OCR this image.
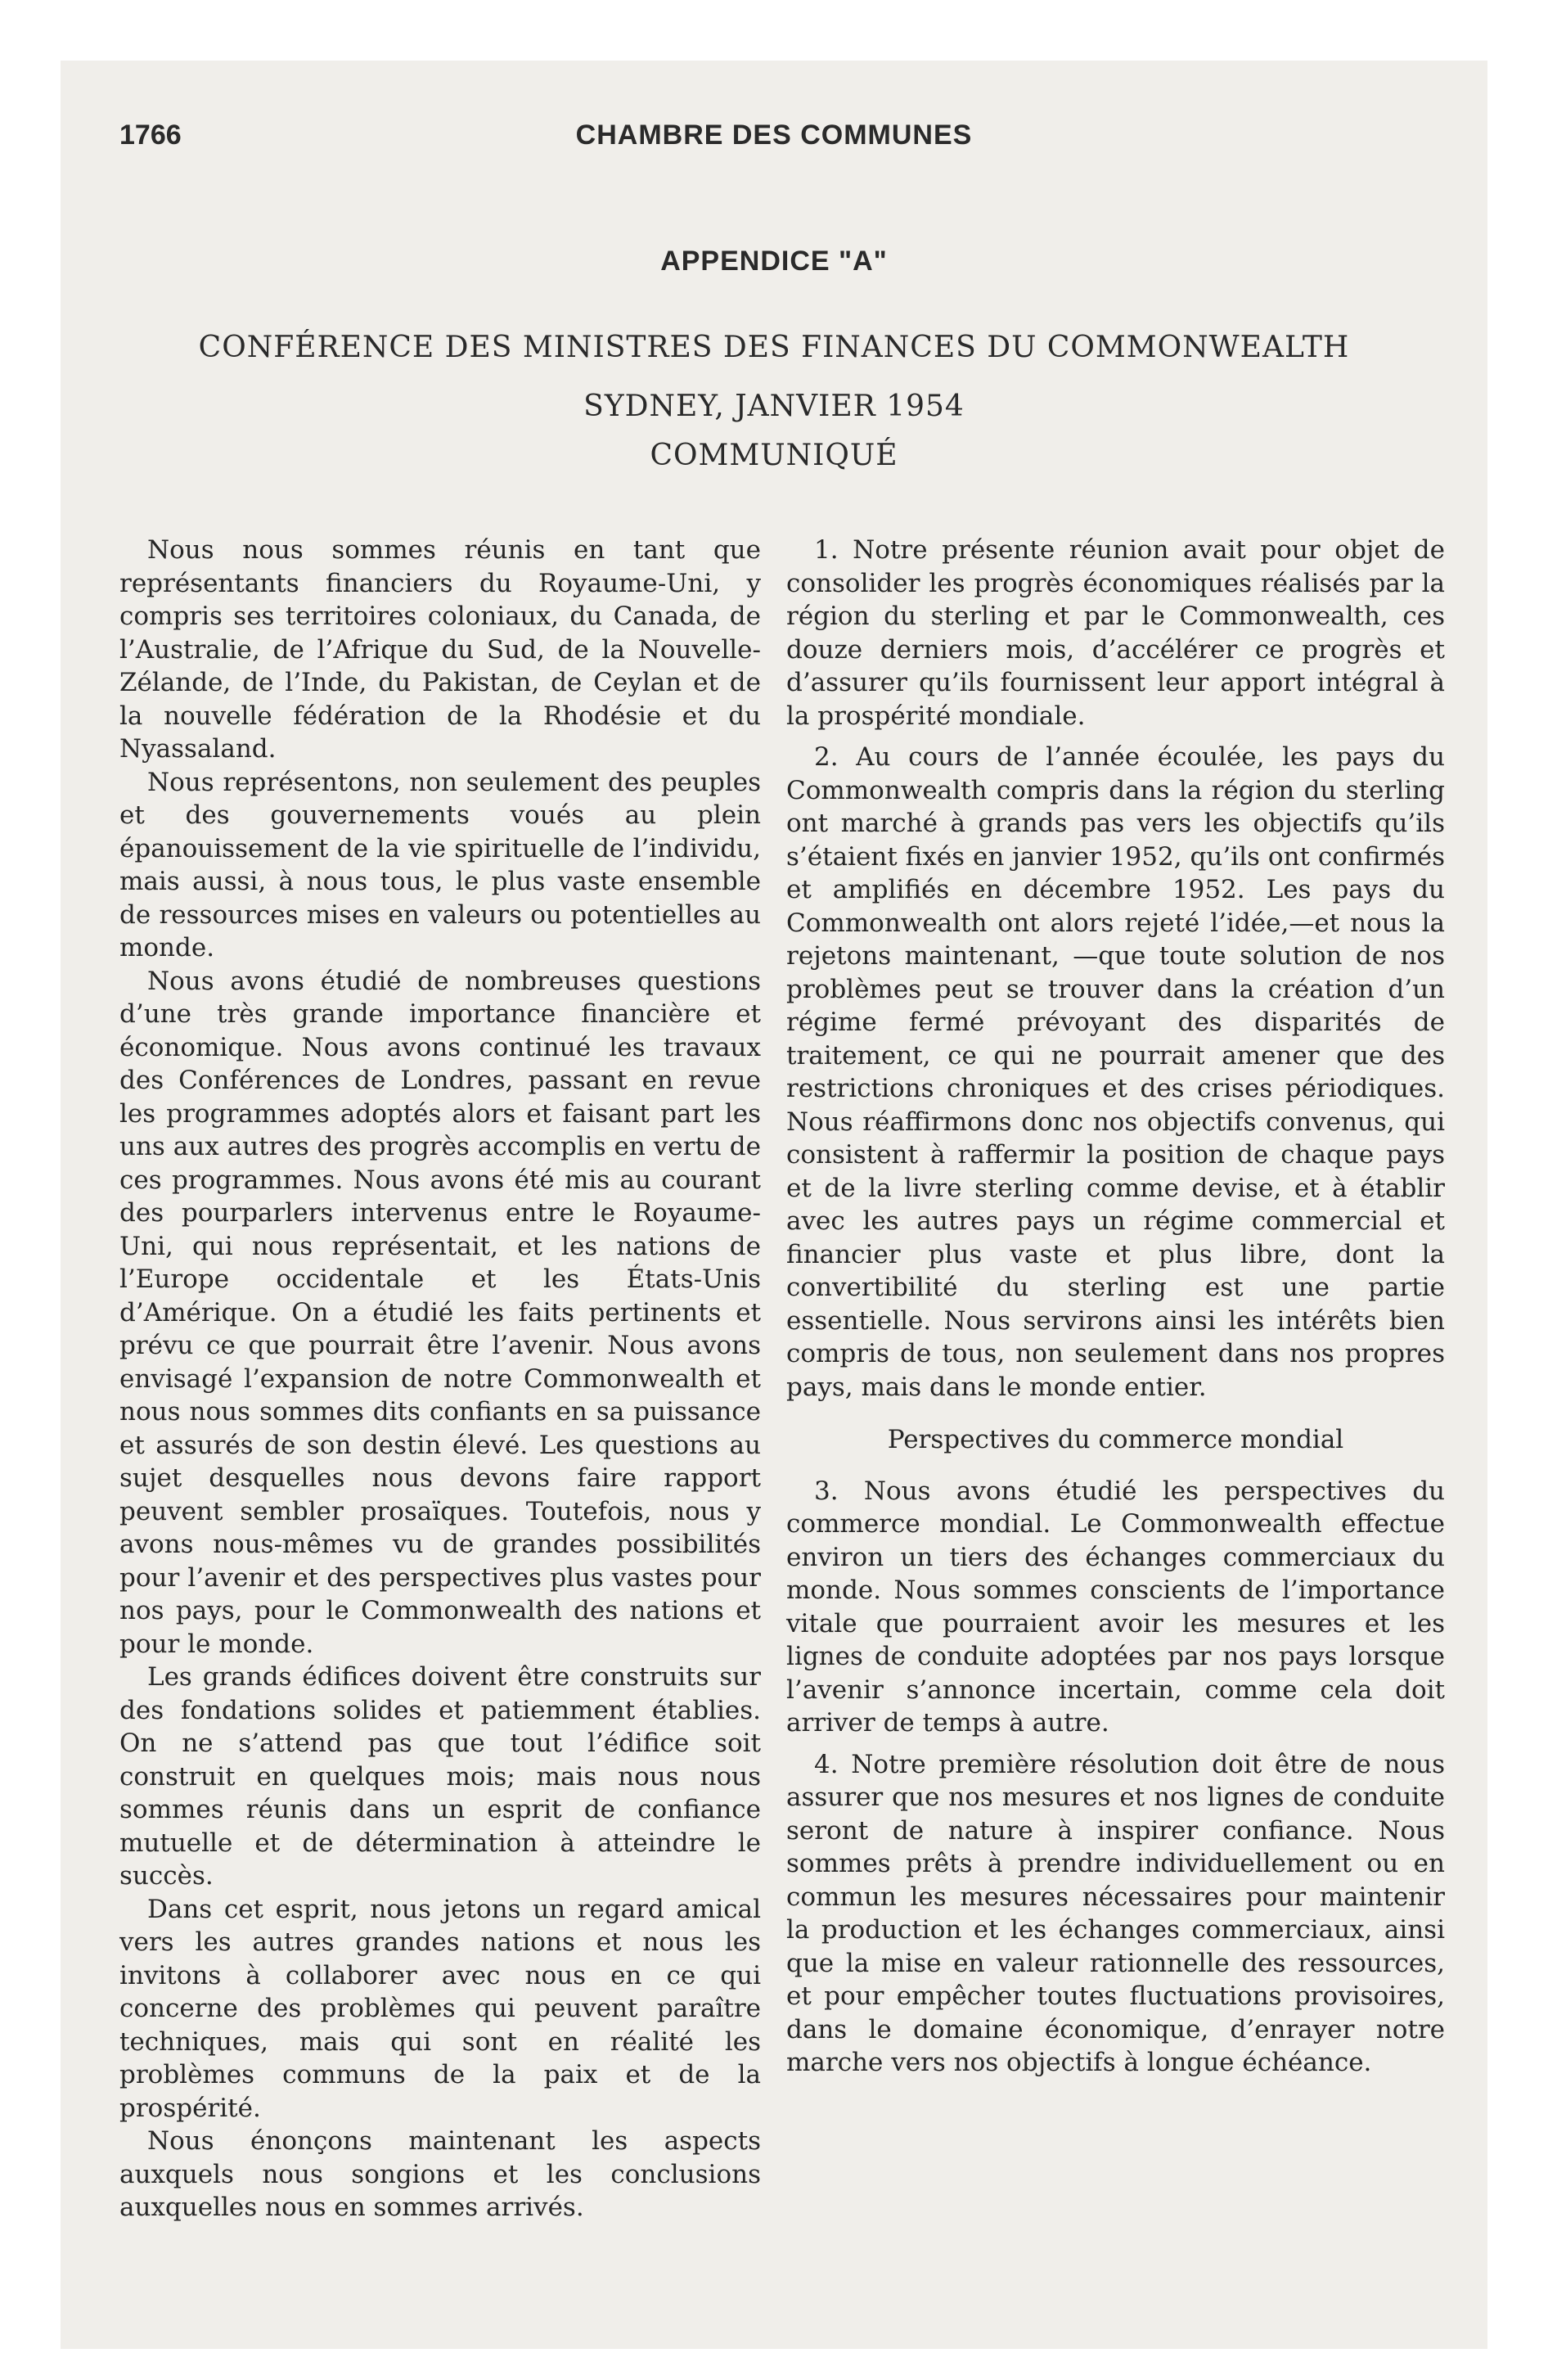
1766	CHAMBRE DES COMMUNES
APPENDICE "A"
CONFÉRENCE DES MINISTRES DES FINANCES DU COMMONWEALTH
SYDNEY, JANVIER 1954
COMMUNIQUÉ

Nous nous sommes réunis en tant que représentants financiers du Royaume-Uni, y compris ses territoires coloniaux, du Canada, de l’Australie, de l’Afrique du Sud, de la Nouvelle-Zélande, de l’Inde, du Pakistan, de Ceylan et de la nouvelle fédération de la Rhodésie et du Nyassaland.

Nous représentons, non seulement des peuples et des gouvernements voués au plein épanouissement de la vie spirituelle de l’individu, mais aussi, à nous tous, le plus vaste ensemble de ressources mises en valeurs ou potentielles au monde.

Nous avons étudié de nombreuses questions d’une très grande importance financière et économique. Nous avons continué les travaux des Conférences de Londres, passant en revue les programmes adoptés alors et faisant part les uns aux autres des progrès accomplis en vertu de ces programmes. Nous avons été mis au courant des pourparlers intervenus entre le Royaume-Uni, qui nous représentait, et les nations de l’Europe occidentale et les États-Unis d’Amérique. On a étudié les faits pertinents et prévu ce que pourrait être l’avenir. Nous avons envisagé l’expansion de notre Commonwealth et nous nous sommes dits confiants en sa puissance et assurés de son destin élevé. Les questions au sujet desquelles nous devons faire rapport peuvent sembler prosaïques. Toutefois, nous y avons nous-mêmes vu de grandes possibilités pour l’avenir et des perspectives plus vastes pour nos pays, pour le Commonwealth des nations et pour le monde.

Les grands édifices doivent être construits sur des fondations solides et patiemment établies. On ne s’attend pas que tout l’édifice soit construit en quelques mois; mais nous nous sommes réunis dans un esprit de confiance mutuelle et de détermination à atteindre le succès.

Dans cet esprit, nous jetons un regard amical vers les autres grandes nations et nous les invitons à collaborer avec nous en ce qui concerne des problèmes qui peuvent paraître techniques, mais qui sont en réalité les problèmes communs de la paix et de la prospérité.

Nous énonçons maintenant les aspects auxquels nous songions et les conclusions auxquelles nous en sommes arrivés.

1. Notre présente réunion avait pour objet de consolider les progrès économiques réalisés par la région du sterling et par le Commonwealth, ces douze derniers mois, d’accélérer ce progrès et d’assurer qu’ils fournissent leur apport intégral à la prospérité mondiale.

2. Au cours de l’année écoulée, les pays du Commonwealth compris dans la région du sterling ont marché à grands pas vers les objectifs qu’ils s’étaient fixés en janvier 1952, qu’ils ont confirmés et amplifiés en décembre 1952. Les pays du Commonwealth ont alors rejeté l’idée,—et nous la rejetons maintenant, —que toute solution de nos problèmes peut se trouver dans la création d’un régime fermé prévoyant des disparités de traitement, ce qui ne pourrait amener que des restrictions chroniques et des crises périodiques. Nous réaffirmons donc nos objectifs convenus, qui consistent à raffermir la position de chaque pays et de la livre sterling comme devise, et à établir avec les autres pays un régime commercial et financier plus vaste et plus libre, dont la convertibilité du sterling est une partie essentielle. Nous servirons ainsi les intérêts bien compris de tous, non seulement dans nos propres pays, mais dans le monde entier.

Perspectives du commerce mondial

3. Nous avons étudié les perspectives du commerce mondial. Le Commonwealth effectue environ un tiers des échanges commerciaux du monde. Nous sommes conscients de l’importance vitale que pourraient avoir les mesures et les lignes de conduite adoptées par nos pays lorsque l’avenir s’annonce incertain, comme cela doit arriver de temps à autre.

4. Notre première résolution doit être de nous assurer que nos mesures et nos lignes de conduite seront de nature à inspirer confiance. Nous sommes prêts à prendre individuellement ou en commun les mesures nécessaires pour maintenir la production et les échanges commerciaux, ainsi que la mise en valeur rationnelle des ressources, et pour empêcher toutes fluctuations provisoires, dans le domaine économique, d’enrayer notre marche vers nos objectifs à longue échéance.
